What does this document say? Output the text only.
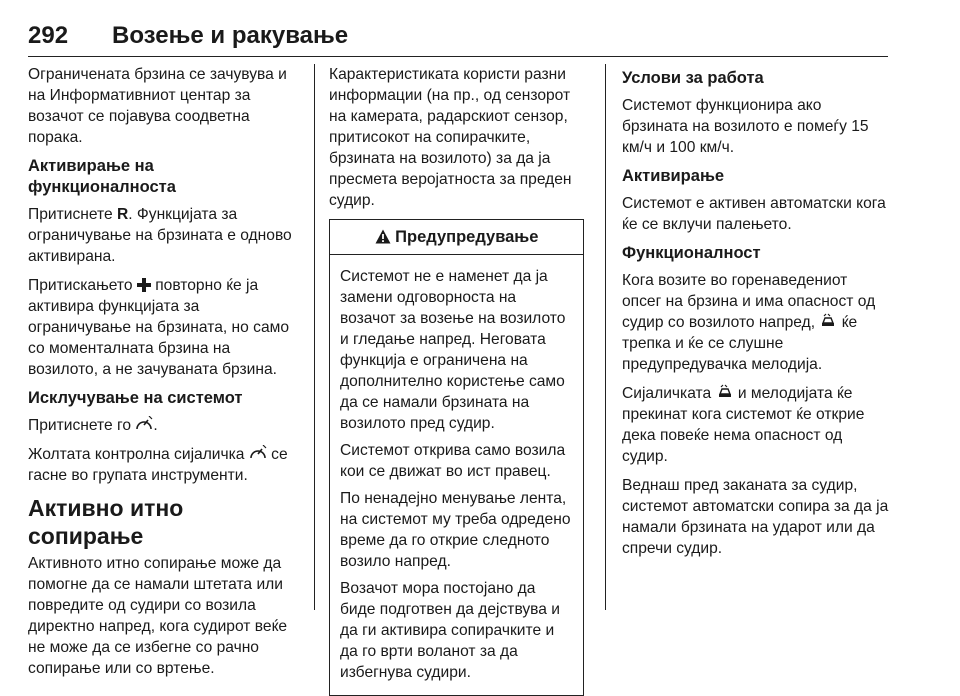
292 Возење и ракување

Ограничената брзина се зачувува и на Информативниот центар за возачот се појавува соодветна порака.

Активирање на функционалноста

Притиснете R. Функцијата за ограничување на брзината е одново активирана.

Притискањето  повторно ќе ја активира функцијата за ограничување на брзината, но само со моменталната брзина на возилото, а не зачуваната брзина.

Исклучување на системот

Притиснете го .

Жолтата контролна сијаличка  се гасне во групата инструменти.

Активно итно сопирање

Активното итно сопирање може да помогне да се намали штетата или повредите од судири со возила директно напред, кога судирот веќе не може да се избегне со рачно сопирање или со вртење.

Карактеристиката користи разни информации (на пр., од сензорот на камерата, радарскиот сензор, притисокот на сопирачките, брзината на возилото) за да ја пресмета веројатноста за преден судир.

Предупредување

Системот не е наменет да ја замени одговорноста на возачот за возење на возилото и гледање напред. Неговата функција е ограничена на дополнително користење само да се намали брзината на возилото пред судир.

Системот открива само возила кои се движат во ист правец.

По ненадејно менување лента, на системот му треба одредено време да го открие следното возило напред.

Возачот мора постојано да биде подготвен да дејствува и да ги активира сопирачките и да го врти воланот за да избегнува судири.

Услови за работа

Системот функционира ако брзината на возилото е помеѓу 15 км/ч и 100 км/ч.

Активирање

Системот е активен автоматски кога ќе се вклучи палењето.

Функционалност

Кога возите во горенаведениот опсег на брзина и има опасност од судир со возилото напред,  ќе трепка и ќе се слушне предупредувачка мелодија.

Сијаличката  и мелодијата ќе прекинат кога системот ќе открие дека повеќе нема опасност од судир.

Веднаш пред заканата за судир, системот автоматски сопира за да ја намали брзината на ударот или да спречи судир.
